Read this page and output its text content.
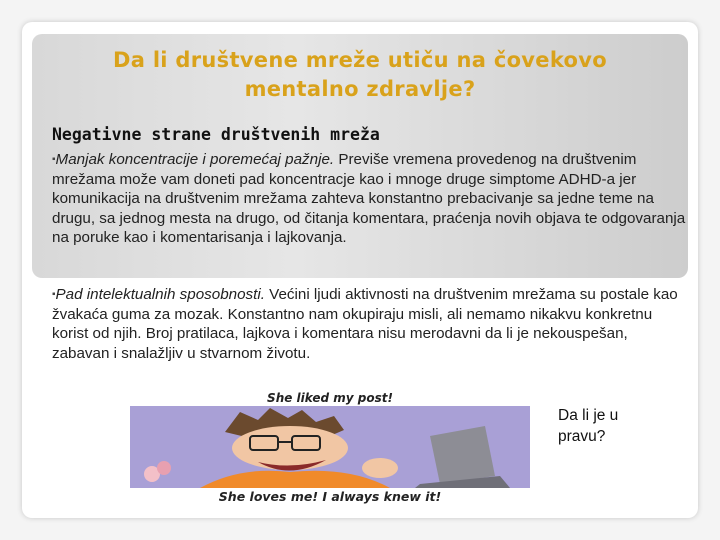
Da li društvene mreže utiču na čovekovo mentalno zdravlje?
Negativne strane društvenih mreža

▪Manjak koncentracije i poremećaj pažnje. Previše vremena provedenog na društvenim mrežama može vam doneti pad koncentracje kao i mnoge druge simptome ADHD-a jer komunikacija na društvenim mrežama zahteva konstantno prebacivanje sa jedne teme na drugu, sa jednog mesta na drugo, od čitanja komentara, praćenja novih objava te odgovaranja na poruke kao i komentarisanja i lajkovanja.

▪Pad intelektualnih sposobnosti. Većini ljudi aktivnosti na društvenim mrežama su postale kao žvakaća guma za mozak. Konstantno nam okupiraju misli, ali nemamo nikakvu konkretnu korist od njih. Broj pratilaca, lajkova i komentara nisu merodavni da li je nekouspešan, zabavan i snalažljiv u stvarnom životu.

She liked my post!
She loves me! I always knew it!

Da li je u pravu?
